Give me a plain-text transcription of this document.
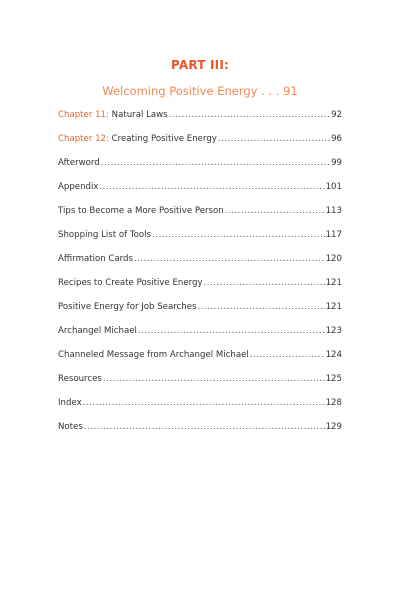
PART III:
Welcoming Positive Energy . . . 91
Chapter 11: Natural Laws .....	92
Chapter 12: Creating Positive Energy .....	96
Afterword .....	99
Appendix .....	101
Tips to Become a More Positive Person .....	113
Shopping List of Tools .....	117
Affirmation Cards .....	120
Recipes to Create Positive Energy .....	121
Positive Energy for Job Searches .....	121
Archangel Michael .....	123
Channeled Message from Archangel Michael .....	124
Resources .....	125
Index .....	128
Notes .....	129
